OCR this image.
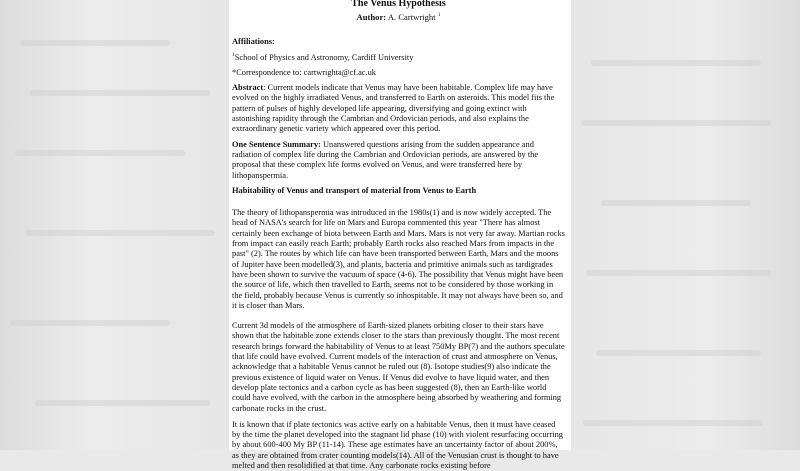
The Venus Hypothesis
Author: A. Cartwright $^1$

Affiliations:

$^1$School of Physics and Astronomy, Cardiff University

*Correspondence to: cartwrighta@cf.ac.uk

Abstract: Current models indicate that Venus may have been habitable. Complex life may have evolved on the highly irradiated Venus, and transferred to Earth on asteroids. This model fits the pattern of pulses of highly developed life appearing, diversifying and going extinct with astonishing rapidity through the Cambrian and Ordovician periods, and also explains the extraordinary genetic variety which appeared over this period.

One Sentence Summary: Unanswered questions arising from the sudden appearance and radiation of complex life during the Cambrian and Ordovician periods, are answered by the proposal that these complex life forms evolved on Venus, and were transferred here by lithopanspermia.

Habitability of Venus and transport of material from Venus to Earth

The theory of lithopanspermia was introduced in the 1980s(1) and is now widely accepted. The head of NASA's search for life on Mars and Europa commented this year "There has almost certainly been exchange of biota between Earth and Mars. Mars is not very far away. Martian rocks from impact can easily reach Earth; probably Earth rocks also reached Mars from impacts in the past" (2). The routes by which life can have been transported between Earth, Mars and the moons of Jupiter have been modelled(3), and plants, bacteria and primitive animals such as tardigrades have been shown to survive the vacuum of space (4-6). The possibility that Venus might have been the source of life, which then travelled to Earth, seems not to be considered by those working in the field, probably because Venus is currently so inhospitable. It may not always have been so, and it is closer than Mars.

Current 3d models of the atmosphere of Earth-sized planets orbiting closer to their stars have shown that the habitable zone extends closer to the stars than previously thought. The most recent research brings forward the habitability of Venus to at least 750My BP(7) and the authors speculate that life could have evolved. Current models of the interaction of crust and atmosphere on Venus, acknowledge that a habitable Venus cannot be ruled out (8). Isotope studies(9) also indicate the previous existence of liquid water on Venus. If Venus did evolve to have liquid water, and then develop plate tectonics and a carbon cycle as has been suggested (8), then an Earth-like world could have evolved, with the carbon in the atmosphere being absorbed by weathering and forming carbonate rocks in the crust.

It is known that if plate tectonics was active early on a habitable Venus, then it must have ceased by the time the planet developed into the stagnant lid phase (10) with violent resurfacing occurring by about 600-400 My BP (11-14). These age estimates have an uncertainty factor of about 200%, as they are obtained from crater counting models(14). All of the Venusian crust is thought to have melted and then resolidified at that time. Any carbonate rocks existing before
